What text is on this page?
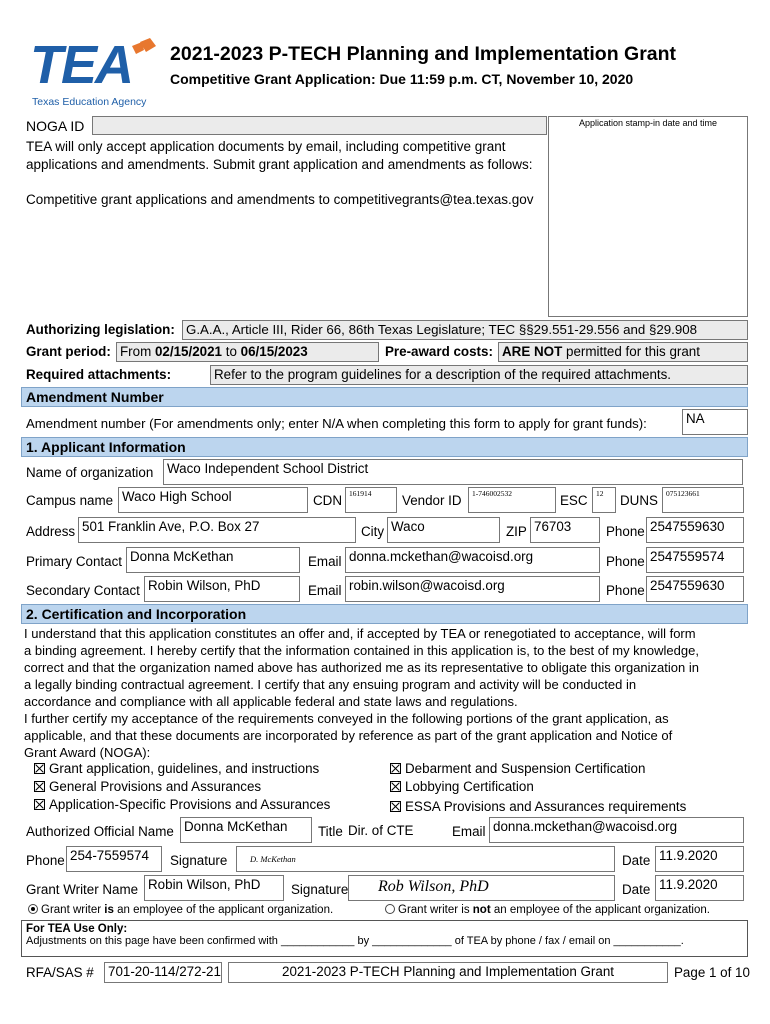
TEA
Texas Education Agency
2021-2023 P-TECH Planning and Implementation Grant
Competitive Grant Application: Due 11:59 p.m. CT, November 10, 2020
NOGA ID	Application stamp-in date and time
TEA will only accept application documents by email, including competitive grant
applications and amendments. Submit grant application and amendments as follows:
Competitive grant applications and amendments to competitivegrants@tea.texas.gov
Authorizing legislation: G.A.A., Article III, Rider 66, 86th Texas Legislature; TEC §§29.551-29.556 and §29.908
Grant period: From 02/15/2021 to 06/15/2023	Pre-award costs: ARE NOT permitted for this grant
Required attachments:	Refer to the program guidelines for a description of the required attachments.
Amendment Number
Amendment number (For amendments only; enter N/A when completing this form to apply for grant funds):	NA
1. Applicant Information
Name of organization Waco Independent School District
Campus name Waco High School	CDN 161914	Vendor ID	1-746002532	ESC	12	DUNS	075123661
Address 501 Franklin Ave, P.O. Box 27	City Waco	ZIP 76703	Phone 2547559630
Primary Contact Donna McKethan	Email donna.mckethan@wacoisd.org	Phone 2547559574
Secondary Contact Robin Wilson, PhD	Email robin.wilson@wacoisd.org	Phone 2547559630
2. Certification and Incorporation
I understand that this application constitutes an offer and, if accepted by TEA or renegotiated to acceptance, will form
a binding agreement. I hereby certify that the information contained in this application is, to the best of my knowledge,
correct and that the organization named above has authorized me as its representative to obligate this organization in
a legally binding contractual agreement. I certify that any ensuing program and activity will be conducted in
accordance and compliance with all applicable federal and state laws and regulations.
I further certify my acceptance of the requirements conveyed in the following portions of the grant application, as
applicable, and that these documents are incorporated by reference as part of the grant application and Notice of
Grant Award (NOGA):
Grant application, guidelines, and instructions
General Provisions and Assurances
Application-Specific Provisions and Assurances
Debarment and Suspension Certification
Lobbying Certification
ESSA Provisions and Assurances requirements
Authorized Official Name Donna McKethan	Title Dir. of CTE	Email donna.mckethan@wacoisd.org
Phone 254-7559574	Signature	D. McKethan	Date 11.9.2020
Grant Writer Name Robin Wilson, PhD	Signature	Rob Wilson, PhD	Date 11.9.2020
Grant writer is an employee of the applicant organization.	Grant writer is not an employee of the applicant organization.
For TEA Use Only:
Adjustments on this page have been confirmed with ____________ by _____________ of TEA by phone / fax / email on ___________.
RFA/SAS # 701-20-114/272-21	2021-2023 P-TECH Planning and Implementation Grant	Page 1 of 10
